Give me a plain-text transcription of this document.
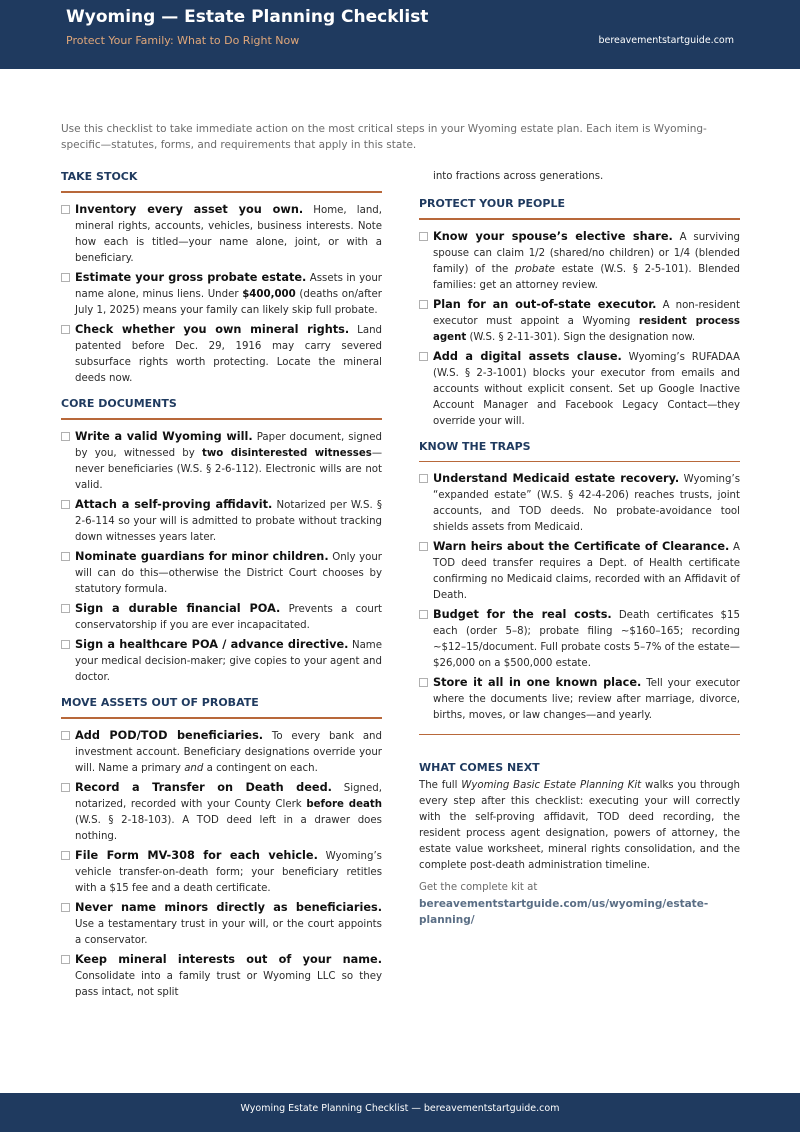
Wyoming — Estate Planning Checklist
Protect Your Family: What to Do Right Now	bereavementstartguide.com
Use this checklist to take immediate action on the most critical steps in your Wyoming estate plan. Each item is Wyoming-specific—statutes, forms, and requirements that apply in this state.
TAKE STOCK
Inventory every asset you own. Home, land, mineral rights, accounts, vehicles, business interests. Note how each is titled—your name alone, joint, or with a beneficiary.
Estimate your gross probate estate. Assets in your name alone, minus liens. Under $400,000 (deaths on/after July 1, 2025) means your family can likely skip full probate.
Check whether you own mineral rights. Land patented before Dec. 29, 1916 may carry severed subsurface rights worth protecting. Locate the mineral deeds now.
CORE DOCUMENTS
Write a valid Wyoming will. Paper document, signed by you, witnessed by two disinterested witnesses—never beneficiaries (W.S. § 2-6-112). Electronic wills are not valid.
Attach a self-proving affidavit. Notarized per W.S. § 2-6-114 so your will is admitted to probate without tracking down witnesses years later.
Nominate guardians for minor children. Only your will can do this—otherwise the District Court chooses by statutory formula.
Sign a durable financial POA. Prevents a court conservatorship if you are ever incapacitated.
Sign a healthcare POA / advance directive. Name your medical decision-maker; give copies to your agent and doctor.
MOVE ASSETS OUT OF PROBATE
Add POD/TOD beneficiaries. To every bank and investment account. Beneficiary designations override your will. Name a primary and a contingent on each.
Record a Transfer on Death deed. Signed, notarized, recorded with your County Clerk before death (W.S. § 2-18-103). A TOD deed left in a drawer does nothing.
File Form MV-308 for each vehicle. Wyoming’s vehicle transfer-on-death form; your beneficiary retitles with a $15 fee and a death certificate.
Never name minors directly as beneficiaries. Use a testamentary trust in your will, or the court appoints a conservator.
Keep mineral interests out of your name. Consolidate into a family trust or Wyoming LLC so they pass intact, not split
into fractions across generations.
PROTECT YOUR PEOPLE
Know your spouse’s elective share. A surviving spouse can claim 1/2 (shared/no children) or 1/4 (blended family) of the probate estate (W.S. § 2-5-101). Blended families: get an attorney review.
Plan for an out-of-state executor. A non-resident executor must appoint a Wyoming resident process agent (W.S. § 2-11-301). Sign the designation now.
Add a digital assets clause. Wyoming’s RUFADAA (W.S. § 2-3-1001) blocks your executor from emails and accounts without explicit consent. Set up Google Inactive Account Manager and Facebook Legacy Contact—they override your will.
KNOW THE TRAPS
Understand Medicaid estate recovery. Wyoming’s “expanded estate” (W.S. § 42-4-206) reaches trusts, joint accounts, and TOD deeds. No probate-avoidance tool shields assets from Medicaid.
Warn heirs about the Certificate of Clearance. A TOD deed transfer requires a Dept. of Health certificate confirming no Medicaid claims, recorded with an Affidavit of Death.
Budget for the real costs. Death certificates $15 each (order 5–8); probate filing ~$160–165; recording ~$12–15/document. Full probate costs 5–7% of the estate—$26,000 on a $500,000 estate.
Store it all in one known place. Tell your executor where the documents live; review after marriage, divorce, births, moves, or law changes—and yearly.
WHAT COMES NEXT
The full Wyoming Basic Estate Planning Kit walks you through every step after this checklist: executing your will correctly with the self-proving affidavit, TOD deed recording, the resident process agent designation, powers of attorney, the estate value worksheet, mineral rights consolidation, and the complete post-death administration timeline.
Get the complete kit at
bereavementstartguide.com/us/wyoming/estate-planning/
Wyoming Estate Planning Checklist — bereavementstartguide.com
